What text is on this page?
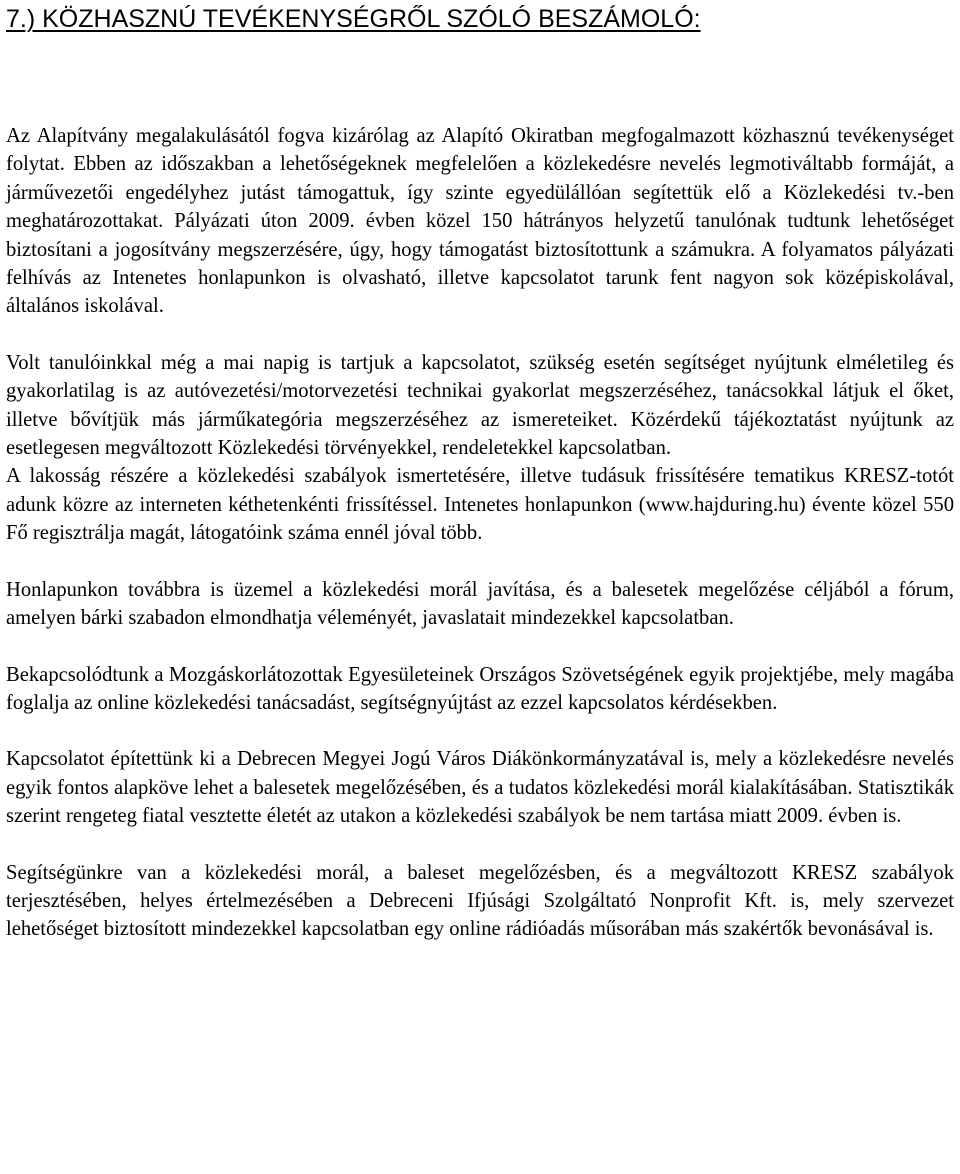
7.) KÖZHASZNÚ TEVÉKENYSÉGRŐL SZÓLÓ BESZÁMOLÓ:

Az Alapítvány megalakulásától fogva kizárólag az Alapító Okiratban megfogalmazott közhasznú tevékenységet folytat. Ebben az időszakban a lehetőségeknek megfelelően a közlekedésre nevelés legmotiváltabb formáját, a járművezetői engedélyhez jutást támogattuk, így szinte egyedülállóan segítettük elő a Közlekedési tv.-ben meghatározottakat. Pályázati úton 2009. évben közel 150 hátrányos helyzetű tanulónak tudtunk lehetőséget biztosítani a jogosítvány megszerzésére, úgy, hogy támogatást biztosítottunk a számukra. A folyamatos pályázati felhívás az Intenetes honlapunkon is olvasható, illetve kapcsolatot tarunk fent nagyon sok középiskolával, általános iskolával.

Volt tanulóinkkal még a mai napig is tartjuk a kapcsolatot, szükség esetén segítséget nyújtunk elméletileg és gyakorlatilag is az autóvezetési/motorvezetési technikai gyakorlat megszerzéséhez, tanácsokkal látjuk el őket, illetve bővítjük más járműkategória megszerzéséhez az ismereteiket. Közérdekű tájékoztatást nyújtunk az esetlegesen megváltozott Közlekedési törvényekkel, rendeletekkel kapcsolatban.

A lakosság részére a közlekedési szabályok ismertetésére, illetve tudásuk frissítésére tematikus KRESZ-totót adunk közre az interneten kéthetenkénti frissítéssel. Intenetes honlapunkon (www.hajduring.hu) évente közel 550 Fő regisztrálja magát, látogatóink száma ennél jóval több.

Honlapunkon továbbra is üzemel a közlekedési morál javítása, és a balesetek megelőzése céljából a fórum, amelyen bárki szabadon elmondhatja véleményét, javaslatait mindezekkel kapcsolatban.

Bekapcsolódtunk a Mozgáskorlátozottak Egyesületeinek Országos Szövetségének egyik projektjébe, mely magába foglalja az online közlekedési tanácsadást, segítségnyújtást az ezzel kapcsolatos kérdésekben.

Kapcsolatot építettünk ki a Debrecen Megyei Jogú Város Diákönkormányzatával is, mely a közlekedésre nevelés egyik fontos alapköve lehet a balesetek megelőzésében, és a tudatos közlekedési morál kialakításában. Statisztikák szerint rengeteg fiatal vesztette életét az utakon a közlekedési szabályok be nem tartása miatt 2009. évben is.

Segítségünkre van a közlekedési morál, a baleset megelőzésben, és a megváltozott KRESZ szabályok terjesztésében, helyes értelmezésében a Debreceni Ifjúsági Szolgáltató Nonprofit Kft. is, mely szervezet lehetőséget biztosított mindezekkel kapcsolatban egy online rádióadás műsorában más szakértők bevonásával is.
